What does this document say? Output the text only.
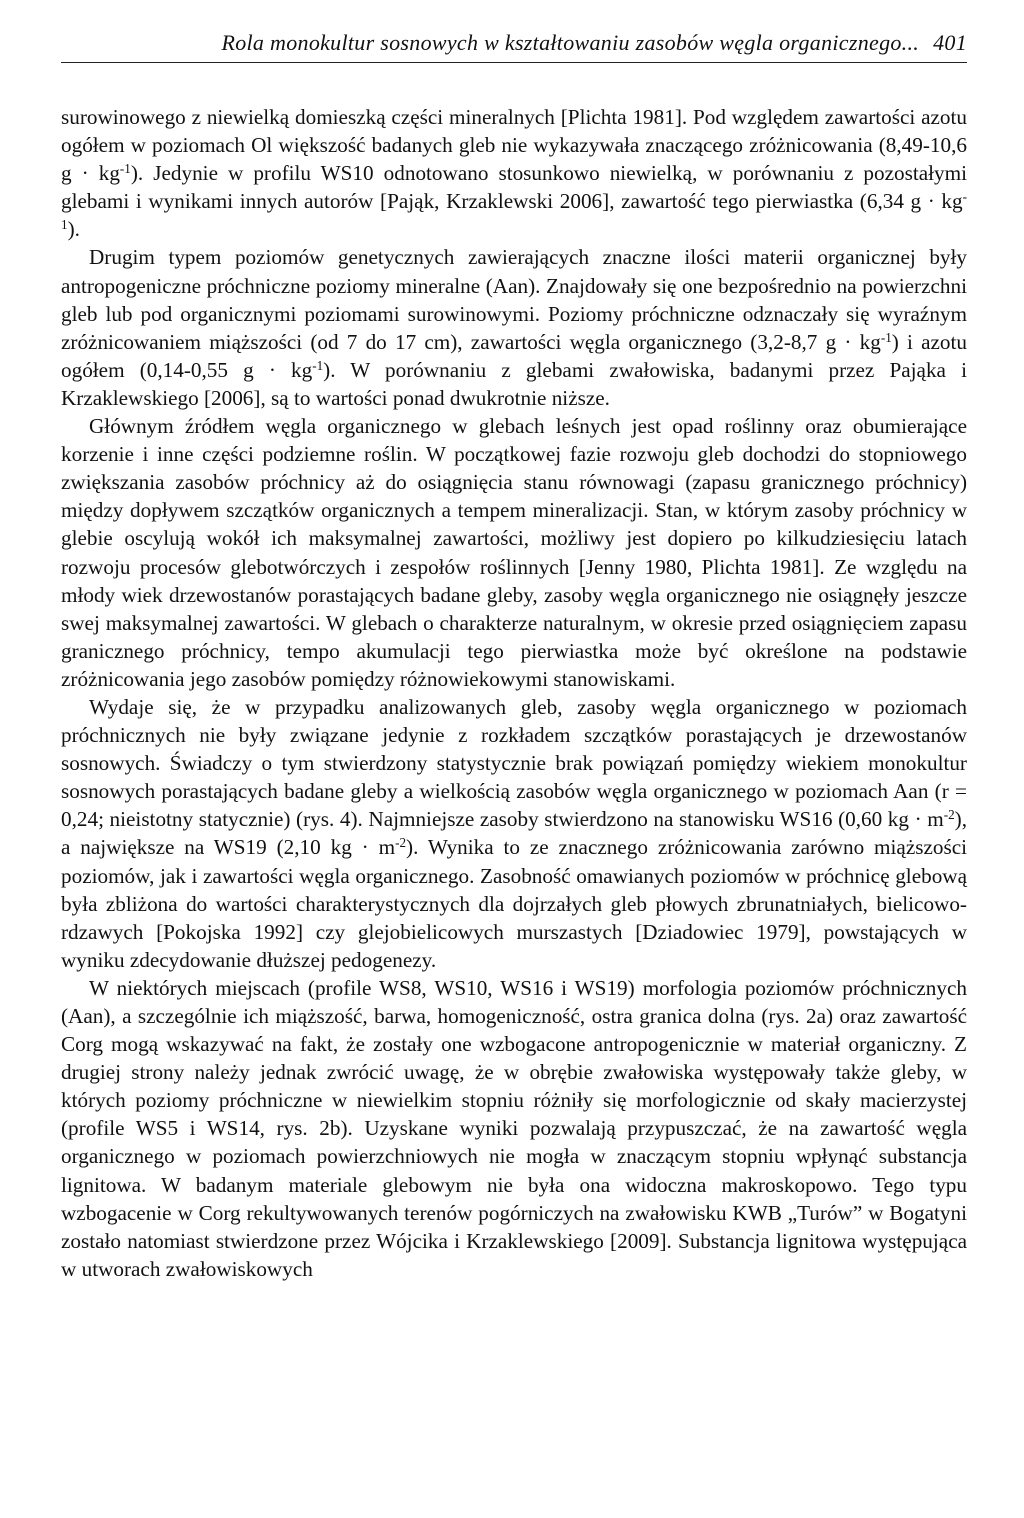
Rola monokultur sosnowych w kształtowaniu zasobów węgla organicznego... 401

surowinowego z niewielką domieszką części mineralnych [Plichta 1981]. Pod względem zawartości azotu ogółem w poziomach Ol większość badanych gleb nie wykazywała znaczącego zróżnicowania (8,49-10,6 $g \cdot kg^{-1}$). Jedynie w profilu WS10 odnotowano stosunkowo niewielką, w porównaniu z pozostałymi glebami i wynikami innych autorów [Pająk, Krzaklewski 2006], zawartość tego pierwiastka (6,34 $g \cdot kg^{-1}$).

Drugim typem poziomów genetycznych zawierających znaczne ilości materii organicznej były antropogeniczne próchniczne poziomy mineralne (Aan). Znajdowały się one bezpośrednio na powierzchni gleb lub pod organicznymi poziomami surowinowymi. Poziomy próchniczne odznaczały się wyraźnym zróżnicowaniem miąższości (od 7 do 17 cm), zawartości węgla organicznego (3,2-8,7 $g \cdot kg^{-1}$) i azotu ogółem (0,14-0,55 $g \cdot kg^{-1}$). W porównaniu z glebami zwałowiska, badanymi przez Pająka i Krzaklewskiego [2006], są to wartości ponad dwukrotnie niższe.

Głównym źródłem węgla organicznego w glebach leśnych jest opad roślinny oraz obumierające korzenie i inne części podziemne roślin. W początkowej fazie rozwoju gleb dochodzi do stopniowego zwiększania zasobów próchnicy aż do osiągnięcia stanu równowagi (zapasu granicznego próchnicy) między dopływem szczątków organicznych a tempem mineralizacji. Stan, w którym zasoby próchnicy w glebie oscylują wokół ich maksymalnej zawartości, możliwy jest dopiero po kilkudziesięciu latach rozwoju procesów glebotwórczych i zespołów roślinnych [Jenny 1980, Plichta 1981]. Ze względu na młody wiek drzewostanów porastających badane gleby, zasoby węgla organicznego nie osiągnęły jeszcze swej maksymalnej zawartości. W glebach o charakterze naturalnym, w okresie przed osiągnięciem zapasu granicznego próchnicy, tempo akumulacji tego pierwiastka może być określone na podstawie zróżnicowania jego zasobów pomiędzy różnowiekowymi stanowiskami.

Wydaje się, że w przypadku analizowanych gleb, zasoby węgla organicznego w poziomach próchnicznych nie były związane jedynie z rozkładem szczątków porastających je drzewostanów sosnowych. Świadczy o tym stwierdzony statystycznie brak powiązań pomiędzy wiekiem monokultur sosnowych porastających badane gleby a wielkością zasobów węgla organicznego w poziomach Aan (r = 0,24; nieistotny statycznie) (rys. 4). Najmniejsze zasoby stwierdzono na stanowisku WS16 (0,60 kg · $m^{-2}$), a największe na WS19 (2,10 kg · $m^{-2}$). Wynika to ze znacznego zróżnicowania zarówno miąższości poziomów, jak i zawartości węgla organicznego. Zasobność omawianych poziomów w próchnicę glebową była zbliżona do wartości charakterystycznych dla dojrzałych gleb płowych zbrunatniałych, bielicowo-rdzawych [Pokojska 1992] czy glejobielicowych murszastych [Dziadowiec 1979], powstających w wyniku zdecydowanie dłuższej pedogenezy.

W niektórych miejscach (profile WS8, WS10, WS16 i WS19) morfologia poziomów próchnicznych (Aan), a szczególnie ich miąższość, barwa, homogeniczność, ostra granica dolna (rys. 2a) oraz zawartość Corg mogą wskazywać na fakt, że zostały one wzbogacone antropogenicznie w materiał organiczny. Z drugiej strony należy jednak zwrócić uwagę, że w obrębie zwałowiska występowały także gleby, w których poziomy próchniczne w niewielkim stopniu różniły się morfologicznie od skały macierzystej (profile WS5 i WS14, rys. 2b). Uzyskane wyniki pozwalają przypuszczać, że na zawartość węgla organicznego w poziomach powierzchniowych nie mogła w znaczącym stopniu wpłynąć substancja lignitowa. W badanym materiale glebowym nie była ona widoczna makroskopowo. Tego typu wzbogacenie w Corg rekultywowanych terenów pogórniczych na zwałowisku KWB „Turów” w Bogatyni zostało natomiast stwierdzone przez Wójcika i Krzaklewskiego [2009]. Substancja lignitowa występująca w utworach zwałowiskowych
